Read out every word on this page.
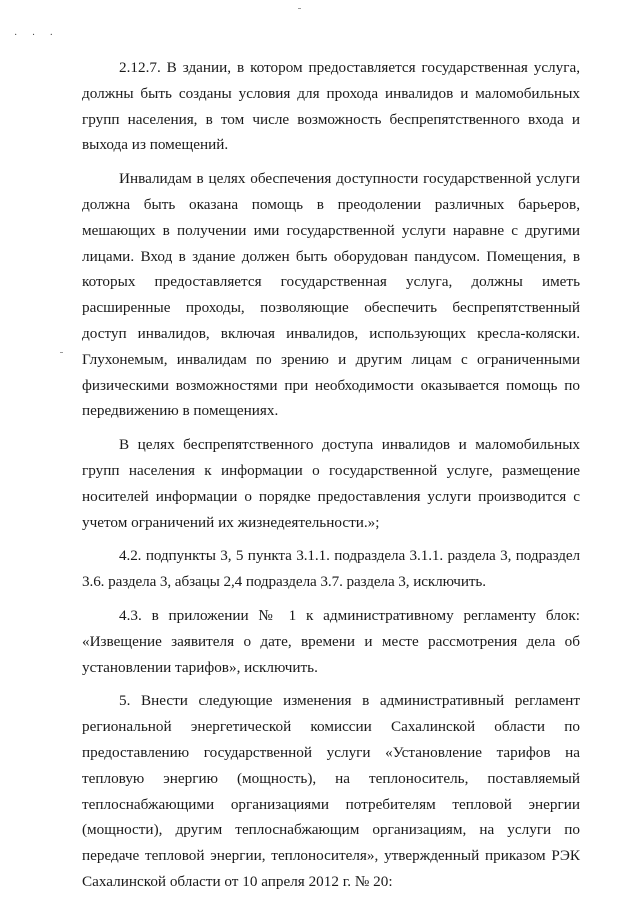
· · ·

2.12.7. В здании, в котором предоставляется государственная услуга, должны быть созданы условия для прохода инвалидов и маломобильных групп населения, в том числе возможность беспрепятственного входа и выхода из помещений.

Инвалидам в целях обеспечения доступности государственной услуги должна быть оказана помощь в преодолении различных барьеров, мешающих в получении ими государственной услуги наравне с другими лицами. Вход в здание должен быть оборудован пандусом. Помещения, в которых предоставляется государственная услуга, должны иметь расширенные проходы, позволяющие обеспечить беспрепятственный доступ инвалидов, включая инвалидов, использующих кресла-коляски. Глухонемым, инвалидам по зрению и другим лицам с ограниченными физическими возможностями при необходимости оказывается помощь по передвижению в помещениях.

В целях беспрепятственного доступа инвалидов и маломобильных групп населения к информации о государственной услуге, размещение носителей информации о порядке предоставления услуги производится с учетом ограничений их жизнедеятельности.»;

4.2. подпункты 3, 5 пункта 3.1.1. подраздела 3.1.1. раздела 3, подраздел 3.6. раздела 3, абзацы 2,4 подраздела 3.7. раздела 3, исключить.

4.3. в приложении № 1 к административному регламенту блок: «Извещение заявителя о дате, времени и месте рассмотрения дела об установлении тарифов», исключить.

5. Внести следующие изменения в административный регламент региональной энергетической комиссии Сахалинской области по предоставлению государственной услуги «Установление тарифов на тепловую энергию (мощность), на теплоноситель, поставляемый теплоснабжающими организациями потребителям тепловой энергии (мощности), другим теплоснабжающим организациям, на услуги по передаче тепловой энергии, теплоносителя», утвержденный приказом РЭК Сахалинской области от 10 апреля 2012 г. № 20:
